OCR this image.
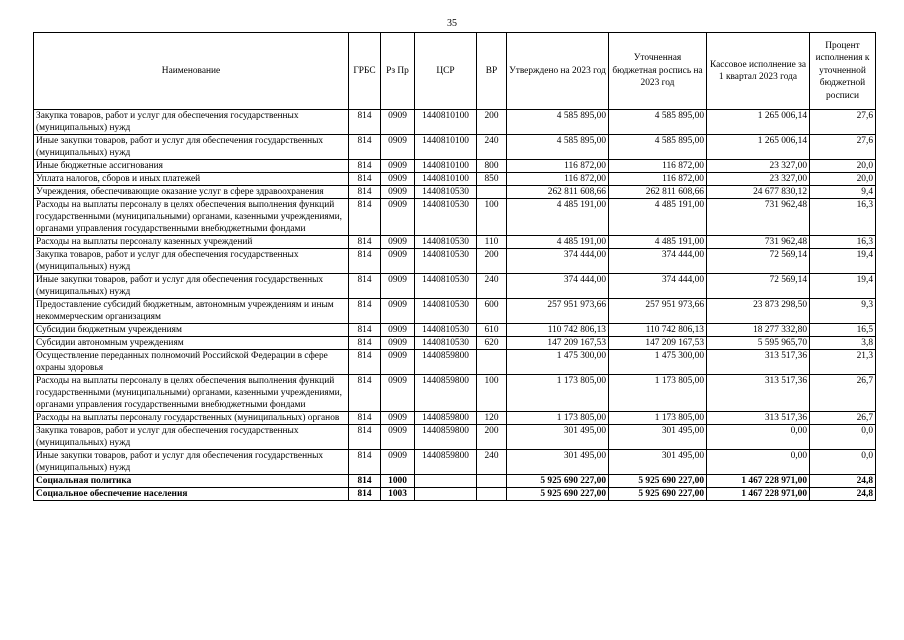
35
Наименование	ГРБС	Рз Пр	ЦСР	ВР	Утверждено на 2023 год	Уточненная бюджетная роспись на 2023 год	Кассовое исполнение за 1 квартал 2023 года	Процент исполнения к уточненной бюджетной росписи
Закупка товаров, работ и услуг для обеспечения государственных (муниципальных) нужд	814	0909	1440810100	200	4 585 895,00	4 585 895,00	1 265 006,14	27,6
Иные закупки товаров, работ и услуг для обеспечения государственных (муниципальных) нужд	814	0909	1440810100	240	4 585 895,00	4 585 895,00	1 265 006,14	27,6
Иные бюджетные ассигнования	814	0909	1440810100	800	116 872,00	116 872,00	23 327,00	20,0
Уплата налогов, сборов и иных платежей	814	0909	1440810100	850	116 872,00	116 872,00	23 327,00	20,0
Учреждения, обеспечивающие оказание услуг в сфере здравоохранения	814	0909	1440810530		262 811 608,66	262 811 608,66	24 677 830,12	9,4
Расходы на выплаты персоналу в целях обеспечения выполнения функций государственными (муниципальными) органами, казенными учреждениями, органами управления государственными внебюджетными фондами	814	0909	1440810530	100	4 485 191,00	4 485 191,00	731 962,48	16,3
Расходы на выплаты персоналу казенных учреждений	814	0909	1440810530	110	4 485 191,00	4 485 191,00	731 962,48	16,3
Закупка товаров, работ и услуг для обеспечения государственных (муниципальных) нужд	814	0909	1440810530	200	374 444,00	374 444,00	72 569,14	19,4
Иные закупки товаров, работ и услуг для обеспечения государственных (муниципальных) нужд	814	0909	1440810530	240	374 444,00	374 444,00	72 569,14	19,4
Предоставление субсидий бюджетным, автономным учреждениям и иным некоммерческим организациям	814	0909	1440810530	600	257 951 973,66	257 951 973,66	23 873 298,50	9,3
Субсидии бюджетным учреждениям	814	0909	1440810530	610	110 742 806,13	110 742 806,13	18 277 332,80	16,5
Субсидии автономным учреждениям	814	0909	1440810530	620	147 209 167,53	147 209 167,53	5 595 965,70	3,8
Осуществление переданных полномочий Российской Федерации в сфере охраны здоровья	814	0909	1440859800		1 475 300,00	1 475 300,00	313 517,36	21,3
Расходы на выплаты персоналу в целях обеспечения выполнения функций государственными (муниципальными) органами, казенными учреждениями, органами управления государственными внебюджетными фондами	814	0909	1440859800	100	1 173 805,00	1 173 805,00	313 517,36	26,7
Расходы на выплаты персоналу государственных (муниципальных) органов	814	0909	1440859800	120	1 173 805,00	1 173 805,00	313 517,36	26,7
Закупка товаров, работ и услуг для обеспечения государственных (муниципальных) нужд	814	0909	1440859800	200	301 495,00	301 495,00	0,00	0,0
Иные закупки товаров, работ и услуг для обеспечения государственных (муниципальных) нужд	814	0909	1440859800	240	301 495,00	301 495,00	0,00	0,0
Социальная политика	814	1000			5 925 690 227,00	5 925 690 227,00	1 467 228 971,00	24,8
Социальное обеспечение населения	814	1003			5 925 690 227,00	5 925 690 227,00	1 467 228 971,00	24,8
